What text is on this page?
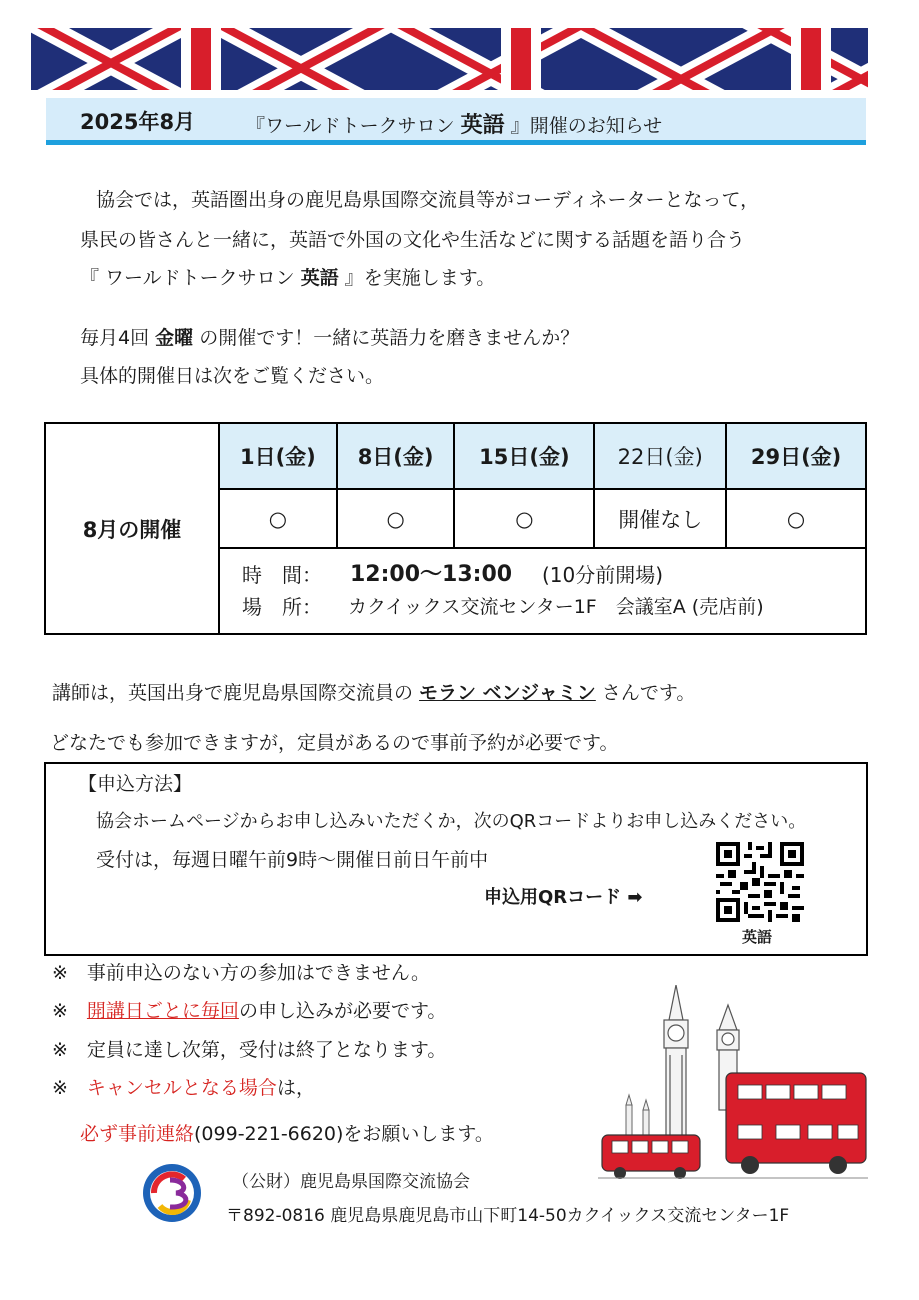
2025年8月	『ワールドトークサロン 英語 』開催のお知らせ
協会では，英語圏出身の鹿児島県国際交流員等がコーディネーターとなって，
県民の皆さんと一緒に，英語で外国の文化や生活などに関する話題を語り合う
『 ワールドトークサロン 英語 』を実施します。
毎月4回 金曜 の開催です！一緒に英語力を磨きませんか？
具体的開催日は次をご覧ください。
8月の開催	1日(金)	8日(金)	15日(金)	22日(金)	29日(金)
	○	○	○	開催なし	○

	時　間： 12:00～13:00 (10分前開場)
場　所： カクイックス交流センター1F　会議室A (売店前)				
講師は，英国出身で鹿児島県国際交流員の モラン ベンジャミン さんです。
どなたでも参加できますが，定員があるので事前予約が必要です。
【申込方法】
協会ホームページからお申し込みいただくか，次のQRコードよりお申し込みください。
受付は，毎週日曜午前9時～開催日前日午前中
申込用QRコード ➡
英語
※　事前申込のない方の参加はできません。
※　開講日ごとに毎回の申し込みが必要です。
※　定員に達し次第，受付は終了となります。
※　キャンセルとなる場合は，
必ず事前連絡(099-221-6620)をお願いします。
（公財）鹿児島県国際交流協会
〒892-0816 鹿児島県鹿児島市山下町14-50カクイックス交流センター1F
